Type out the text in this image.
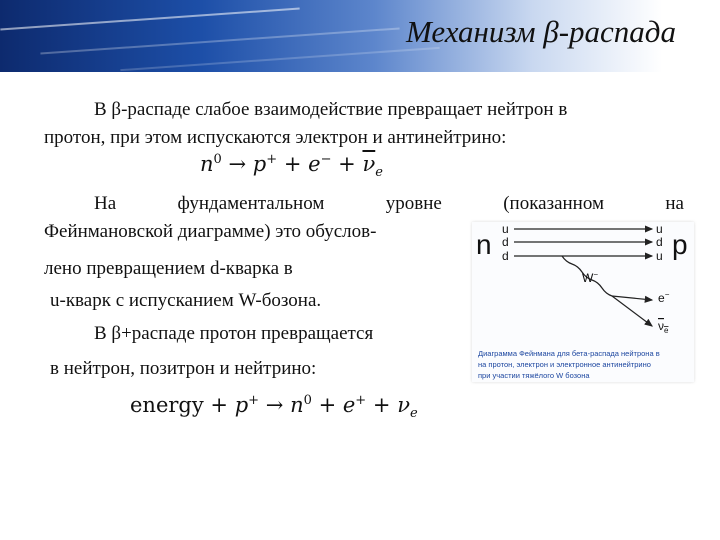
Механизм β-распада
В β-распаде слабое взаимодействие превращает нейтрон в
протон, при этом испускаются электрон и антинейтрино:
$n^0 \to p^+ + e^- + \overline{\nu}_e$
На	фундаментальном	уровне	(показанном	на
Фейнмановской диаграмме) это обуслов-
лено превращением d-кварка в
u-кварк с испусканием W-бозона.
В β+распаде протон превращается
в нейтрон, позитрон и нейтрино:
energy + $p^+ \to n^0 + e^+ + \nu_e$
n	p
u
d
d
u
d
u
W−
e−
$\nu_e$
Диаграмма Фейнмана для бета-распада нейтрона в
на протон, электрон и электронное антинейтрино
при участии тяжёлого W бозона
